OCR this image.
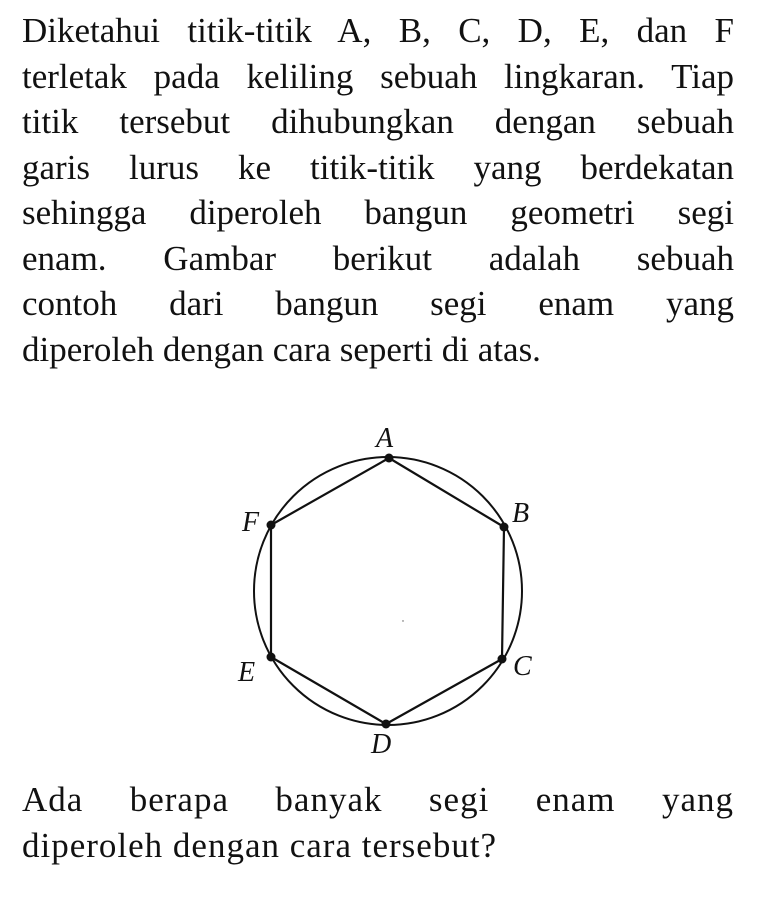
Diketahui titik-titik A, B, C, D, E, dan F
terletak pada keliling sebuah lingkaran. Tiap
titik tersebut dihubungkan dengan sebuah
garis lurus ke titik-titik yang berdekatan
sehingga diperoleh bangun geometri segi
enam. Gambar berikut adalah sebuah
contoh dari bangun segi enam yang
diperoleh dengan cara seperti di atas.
A
B
C
D
E
F
Ada berapa banyak segi enam yang
diperoleh dengan cara tersebut?
